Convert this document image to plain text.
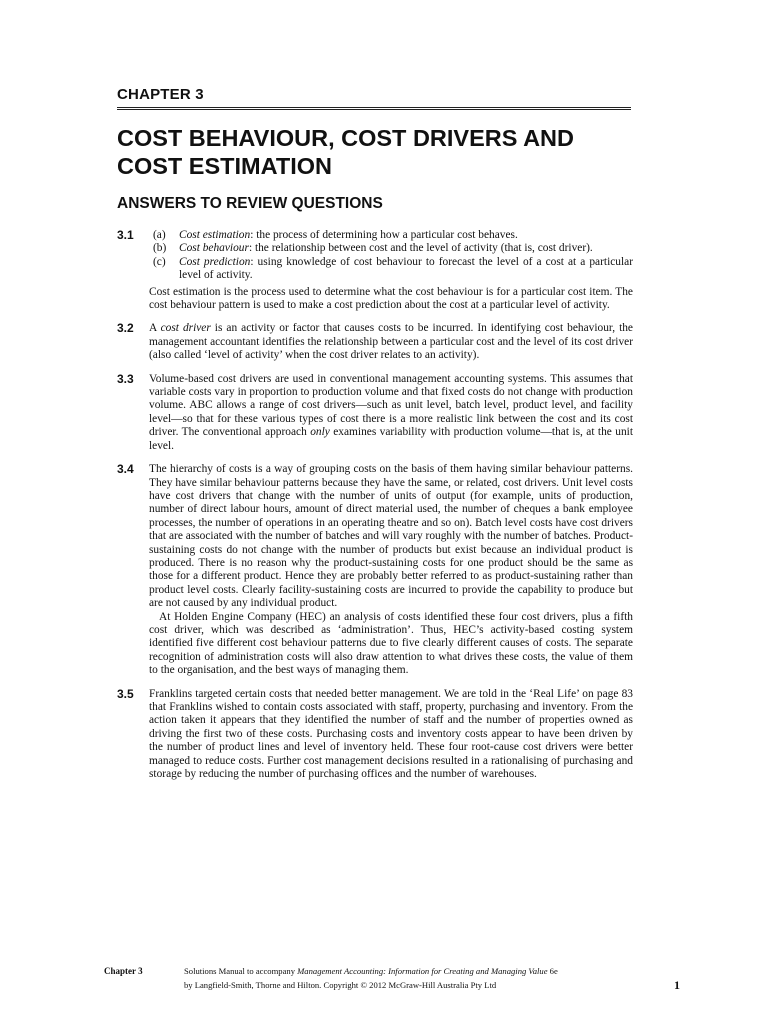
CHAPTER 3
COST BEHAVIOUR, COST DRIVERS AND COST ESTIMATION
ANSWERS TO REVIEW QUESTIONS
3.1 (a) Cost estimation: the process of determining how a particular cost behaves.

(b) Cost behaviour: the relationship between cost and the level of activity (that is, cost driver).

(c) Cost prediction: using knowledge of cost behaviour to forecast the level of a cost at a particular level of activity.

Cost estimation is the process used to determine what the cost behaviour is for a particular cost item. The cost behaviour pattern is used to make a cost prediction about the cost at a particular level of activity.

3.2 A cost driver is an activity or factor that causes costs to be incurred. In identifying cost behaviour, the management accountant identifies the relationship between a particular cost and the level of its cost driver (also called ‘level of activity’ when the cost driver relates to an activity).

3.3 Volume-based cost drivers are used in conventional management accounting systems. This assumes that variable costs vary in proportion to production volume and that fixed costs do not change with production volume. ABC allows a range of cost drivers—such as unit level, batch level, product level, and facility level—so that for these various types of cost there is a more realistic link between the cost and its cost driver. The conventional approach only examines variability with production volume—that is, at the unit level.

3.4 The hierarchy of costs is a way of grouping costs on the basis of them having similar behaviour patterns. They have similar behaviour patterns because they have the same, or related, cost drivers. Unit level costs have cost drivers that change with the number of units of output (for example, units of production, number of direct labour hours, amount of direct material used, the number of cheques a bank employee processes, the number of operations in an operating theatre and so on). Batch level costs have cost drivers that are associated with the number of batches and will vary roughly with the number of batches. Product-sustaining costs do not change with the number of products but exist because an individual product is produced. There is no reason why the product-sustaining costs for one product should be the same as those for a different product. Hence they are probably better referred to as product-sustaining rather than product level costs. Clearly facility-sustaining costs are incurred to provide the capability to produce but are not caused by any individual product.

At Holden Engine Company (HEC) an analysis of costs identified these four cost drivers, plus a fifth cost driver, which was described as ‘administration’. Thus, HEC’s activity-based costing system identified five different cost behaviour patterns due to five clearly different causes of costs. The separate recognition of administration costs will also draw attention to what drives these costs, the value of them to the organisation, and the best ways of managing them.

3.5 Franklins targeted certain costs that needed better management. We are told in the ‘Real Life’ on page 83 that Franklins wished to contain costs associated with staff, property, purchasing and inventory. From the action taken it appears that they identified the number of staff and the number of properties owned as driving the first two of these costs. Purchasing costs and inventory costs appear to have been driven by the number of product lines and level of inventory held. These four root-cause cost drivers were better managed to reduce costs. Further cost management decisions resulted in a rationalising of purchasing and storage by reducing the number of purchasing offices and the number of warehouses.

Chapter 3	Solutions Manual to accompany Management Accounting: Information for Creating and Managing Value 6e
by Langfield-Smith, Thorne and Hilton. Copyright © 2012 McGraw-Hill Australia Pty Ltd	1
